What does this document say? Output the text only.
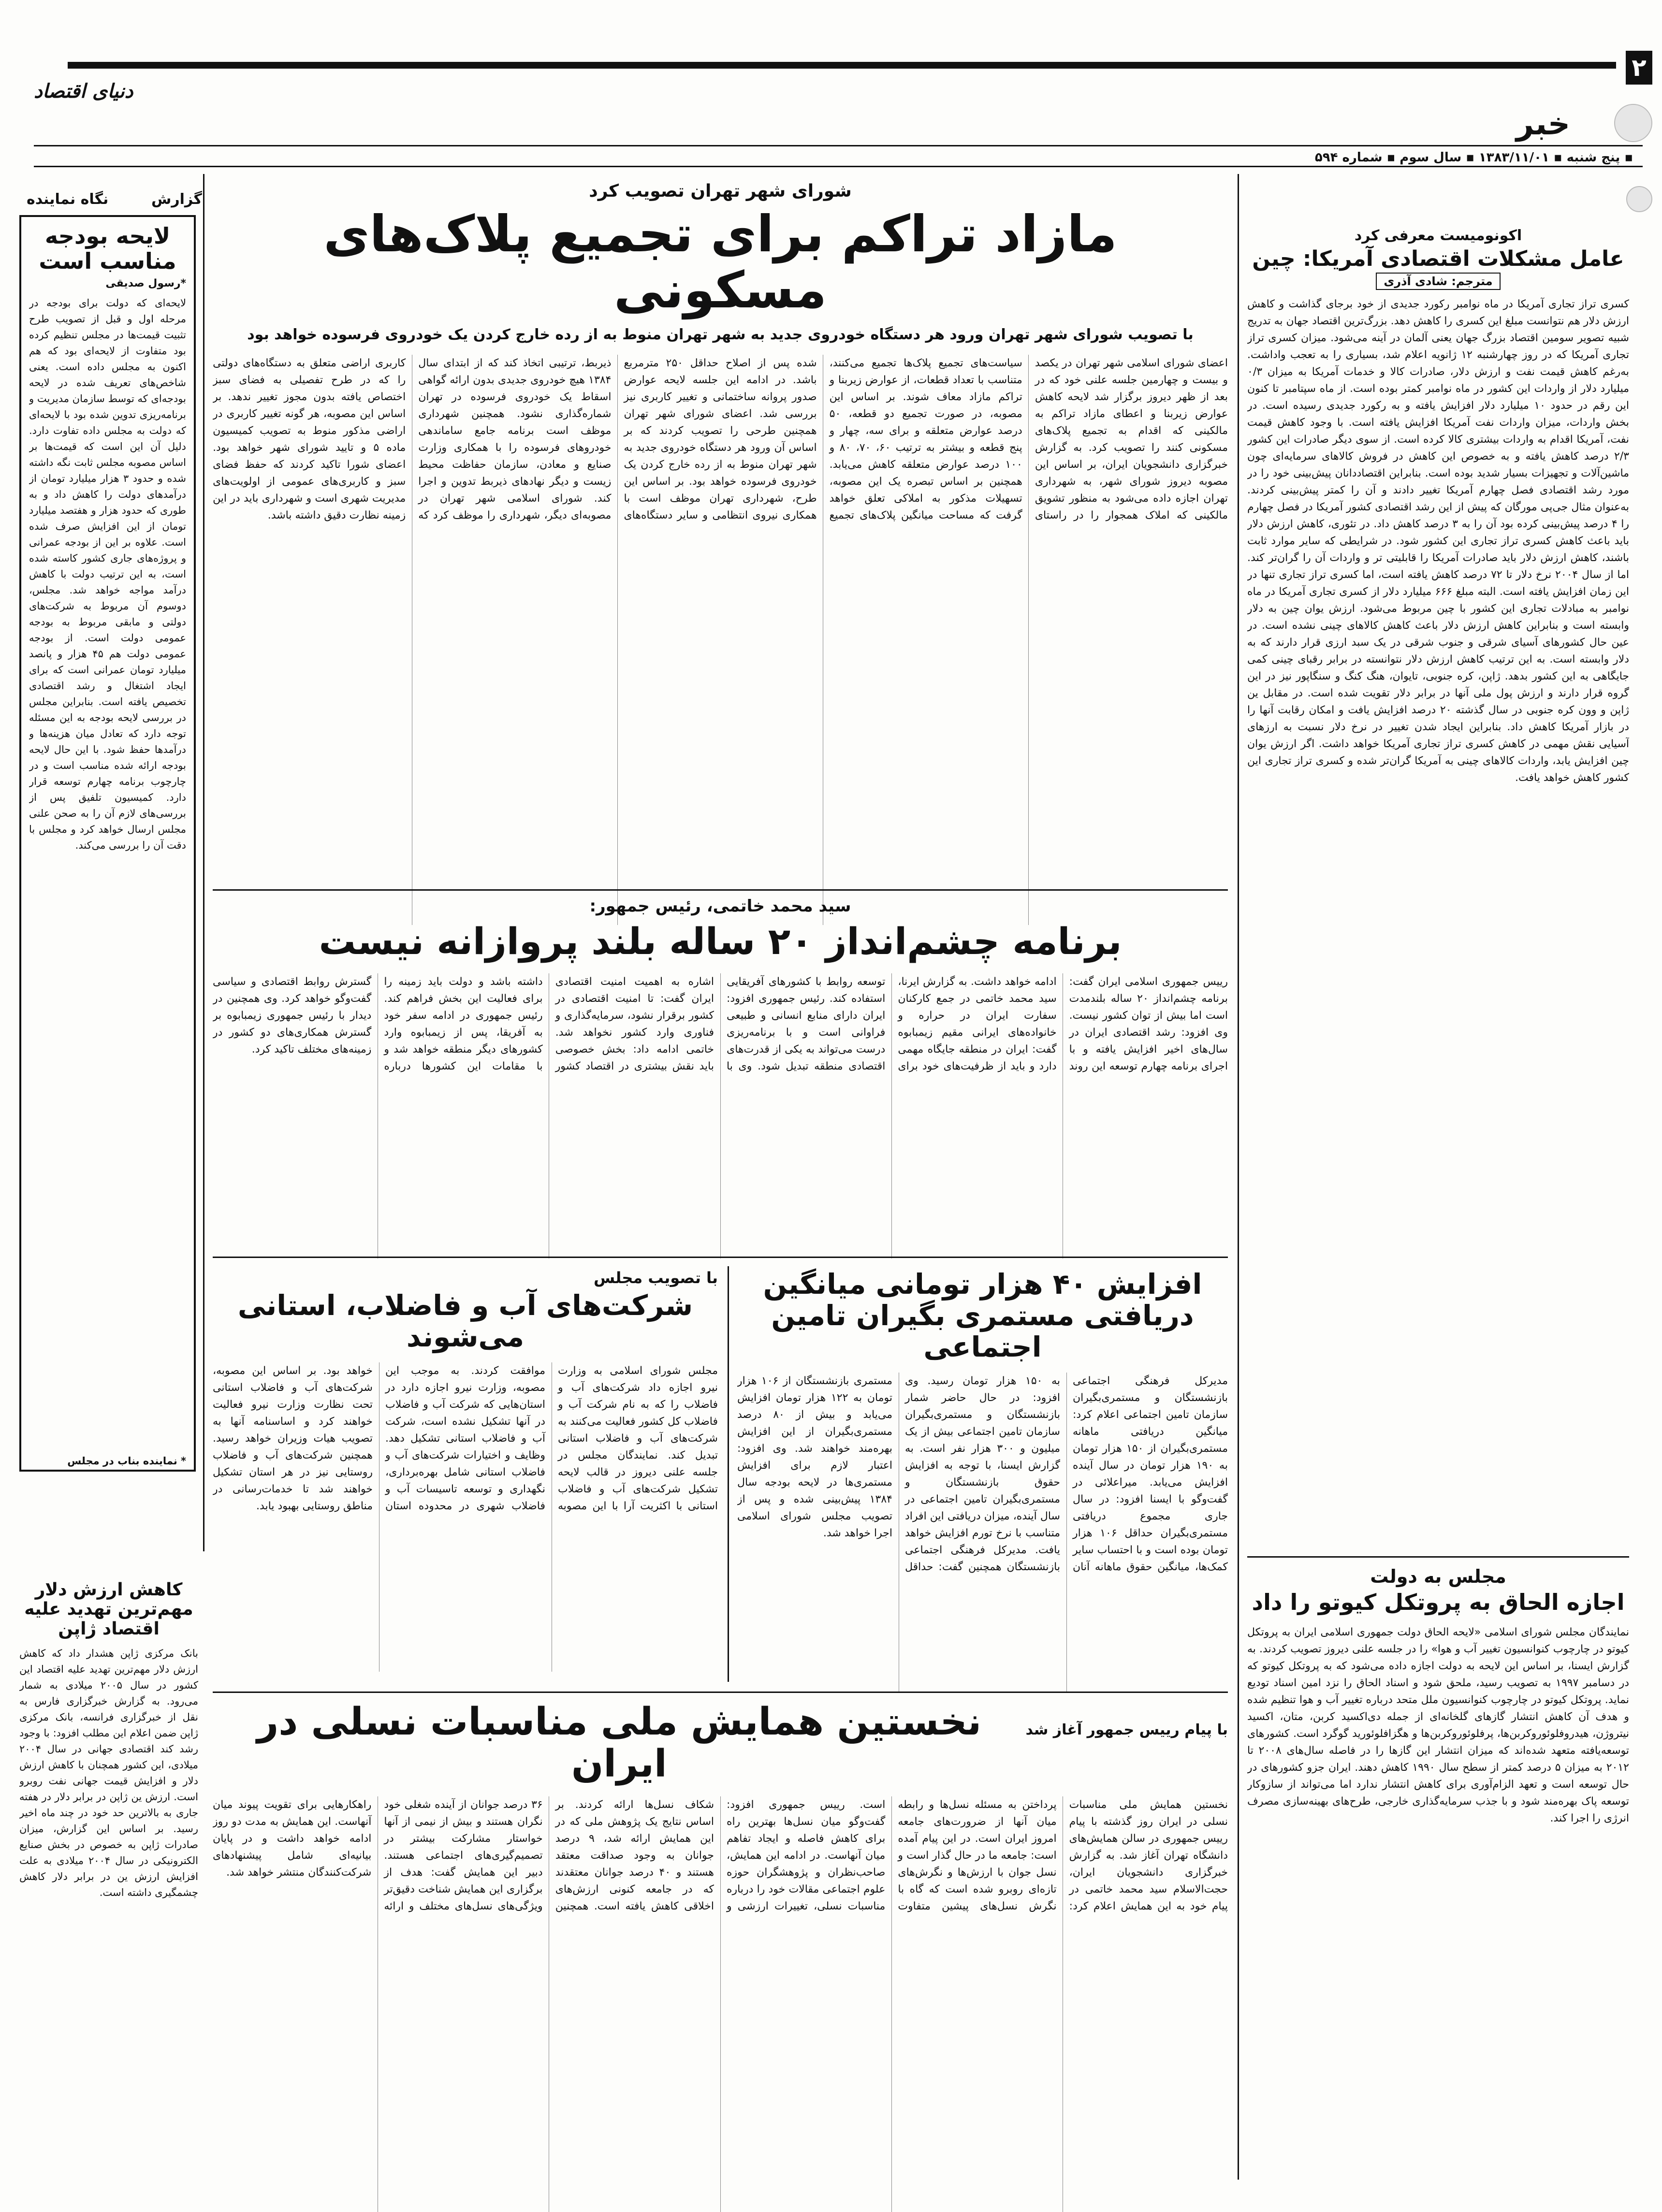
۲
دنیای اقتصاد
خبر
▪ پنج شنبه ▪ ۱۳۸۳/۱۱/۰۱ ▪ سال سوم ▪ شماره ۵۹۴
گزارش
نگاه نماینده
اکونومیست معرفی کرد
عامل مشکلات اقتصادی آمریکا: چین
مترجم: شادی آذری
کسری تراز تجاری آمریکا در ماه نوامبر رکورد جدیدی از خود برجای گذاشت و کاهش ارزش دلار هم نتوانست مبلغ این کسری را کاهش دهد. بزرگ‌ترین اقتصاد جهان به تدریج شبیه تصویر سومین اقتصاد بزرگ جهان یعنی آلمان در آینه می‌شود. میزان کسری تراز تجاری آمریکا که در روز چهارشنبه ۱۲ ژانویه اعلام شد، بسیاری را به تعجب واداشت. به‌رغم کاهش قیمت نفت و ارزش دلار، صادرات کالا و خدمات آمریکا به میزان ۰/۳ میلیارد دلار از واردات این کشور در ماه نوامبر کمتر بوده است. از ماه سپتامبر تا کنون این رقم در حدود ۱۰ میلیارد دلار افزایش یافته و به رکورد جدیدی رسیده است. در بخش واردات، میزان واردات نفت آمریکا افزایش یافته است. با وجود کاهش قیمت نفت، آمریکا اقدام به واردات بیشتری کالا کرده است. از سوی دیگر صادرات این کشور ۲/۳ درصد کاهش یافته و به خصوص این کاهش در فروش کالاهای سرمایه‌ای چون ماشین‌آلات و تجهیزات بسیار شدید بوده است. بنابراین اقتصاددانان پیش‌بینی خود را در مورد رشد اقتصادی فصل چهارم آمریکا تغییر دادند و آن را کمتر پیش‌بینی کردند. به‌عنوان مثال جی‌پی مورگان که پیش از این رشد اقتصادی کشور آمریکا در فصل چهارم را ۴ درصد پیش‌بینی کرده بود آن را به ۳ درصد کاهش داد. در تئوری، کاهش ارزش دلار باید باعث کاهش کسری تراز تجاری این کشور شود. در شرایطی که سایر موارد ثابت باشند، کاهش ارزش دلار باید صادرات آمریکا را قابلیتی تر و واردات آن را گران‌تر کند. اما از سال ۲۰۰۴ نرخ دلار تا ۷۲ درصد کاهش یافته است، اما کسری تراز تجاری تنها در این زمان افزایش یافته است. البته مبلغ ۶۶۶ میلیارد دلار از کسری تجاری آمریکا در ماه نوامبر به مبادلات تجاری این کشور با چین مربوط می‌شود. ارزش یوان چین به دلار وابسته است و بنابراین کاهش ارزش دلار باعث کاهش کالاهای چینی نشده است. در عین حال کشورهای آسیای شرقی و جنوب شرقی در یک سبد ارزی قرار دارند که به دلار وابسته است. به این ترتیب کاهش ارزش دلار نتوانسته در برابر رقبای چینی کمی جایگاهی به این کشور بدهد. ژاپن، کره جنوبی، تایوان، هنگ کنگ و سنگاپور نیز در این گروه قرار دارند و ارزش پول ملی آنها در برابر دلار تقویت شده است. در مقابل ین ژاپن و وون کره جنوبی در سال گذشته ۲۰ درصد افزایش یافت و امکان رقابت آنها را در بازار آمریکا کاهش داد. بنابراین ایجاد شدن تغییر در نرخ دلار نسبت به ارزهای آسیایی نقش مهمی در کاهش کسری تراز تجاری آمریکا خواهد داشت. اگر ارزش یوان چین افزایش یابد، واردات کالاهای چینی به آمریکا گران‌تر شده و کسری تراز تجاری این کشور کاهش خواهد یافت.
مجلس به دولت
اجازه الحاق به پروتکل کیوتو را داد
نمایندگان مجلس شورای اسلامی «لایحه الحاق دولت جمهوری اسلامی ایران به پروتکل کیوتو در چارچوب کنوانسیون تغییر آب و هوا» را در جلسه علنی دیروز تصویب کردند. به گزارش ایسنا، بر اساس این لایحه به دولت اجازه داده می‌شود که به پروتکل کیوتو که در دسامبر ۱۹۹۷ به تصویب رسید، ملحق شود و اسناد الحاق را نزد امین اسناد تودیع نماید. پروتکل کیوتو در چارچوب کنوانسیون ملل متحد درباره تغییر آب و هوا تنظیم شده و هدف آن کاهش انتشار گازهای گلخانه‌ای از جمله دی‌اکسید کربن، متان، اکسید نیتروژن، هیدروفلوئوروکربن‌ها، پرفلوئوروکربن‌ها و هگزافلوئورید گوگرد است. کشورهای توسعه‌یافته متعهد شده‌اند که میزان انتشار این گازها را در فاصله سال‌های ۲۰۰۸ تا ۲۰۱۲ به میزان ۵ درصد کمتر از سطح سال ۱۹۹۰ کاهش دهند. ایران جزو کشورهای در حال توسعه است و تعهد الزام‌آوری برای کاهش انتشار ندارد اما می‌تواند از سازوکار توسعه پاک بهره‌مند شود و با جذب سرمایه‌گذاری خارجی، طرح‌های بهینه‌سازی مصرف انرژی را اجرا کند.
لایحه بودجه مناسب است
*رسول صدیقی
لایحه‌ای که دولت برای بودجه در مرحله اول و قبل از تصویب طرح تثبیت قیمت‌ها در مجلس تنظیم کرده بود متفاوت از لایحه‌ای بود که هم اکنون به مجلس داده است. یعنی شاخص‌های تعریف شده در لایحه بودجه‌ای که توسط سازمان مدیریت و برنامه‌ریزی تدوین شده بود با لایحه‌ای که دولت به مجلس داده تفاوت دارد. دلیل آن این است که قیمت‌ها بر اساس مصوبه مجلس ثابت نگه داشته شده و حدود ۳ هزار میلیارد تومان از درآمدهای دولت را کاهش داد و به طوری که حدود هزار و هفتصد میلیارد تومان از این افزایش صرف شده است. علاوه بر این از بودجه عمرانی و پروژه‌های جاری کشور کاسته شده است، به این ترتیب دولت با کاهش درآمد مواجه خواهد شد. مجلس، دوسوم آن مربوط به شرکت‌های دولتی و مابقی مربوط به بودجه عمومی دولت است. از بودجه عمومی دولت هم ۴۵ هزار و پانصد میلیارد تومان عمرانی است که برای ایجاد اشتغال و رشد اقتصادی تخصیص یافته است. بنابراین مجلس در بررسی لایحه بودجه به این مسئله توجه دارد که تعادل میان هزینه‌ها و درآمدها حفظ شود. با این حال لایحه بودجه ارائه شده مناسب است و در چارچوب برنامه چهارم توسعه قرار دارد. کمیسیون تلفیق پس از بررسی‌های لازم آن را به صحن علنی مجلس ارسال خواهد کرد و مجلس با دقت آن را بررسی می‌کند.
* نماینده بناب در مجلس
کاهش ارزش دلار مهم‌ترین تهدید علیه اقتصاد ژاپن
بانک مرکزی ژاپن هشدار داد که کاهش ارزش دلار مهم‌ترین تهدید علیه اقتصاد این کشور در سال ۲۰۰۵ میلادی به شمار می‌رود. به گزارش خبرگزاری فارس به نقل از خبرگزاری فرانسه، بانک مرکزی ژاپن ضمن اعلام این مطلب افزود: با وجود رشد کند اقتصادی جهانی در سال ۲۰۰۴ میلادی، این کشور همچنان با کاهش ارزش دلار و افزایش قیمت جهانی نفت روبرو است. ارزش ین ژاپن در برابر دلار در هفته جاری به بالاترین حد خود در چند ماه اخیر رسید. بر اساس این گزارش، میزان صادرات ژاپن به خصوص در بخش صنایع الکترونیکی در سال ۲۰۰۴ میلادی به علت افزایش ارزش ین در برابر دلار کاهش چشمگیری داشته است.
شورای شهر تهران تصویب کرد
مازاد تراکم برای تجمیع پلاک‌های مسکونی
با تصویب شورای شهر تهران ورود هر دستگاه خودروی جدید به شهر تهران منوط به از رده خارج کردن یک خودروی فرسوده خواهد بود
اعضای شورای اسلامی شهر تهران در یکصد و بیست و چهارمین جلسه علنی خود که در بعد از ظهر دیروز برگزار شد لایحه کاهش عوارض زیربنا و اعطای مازاد تراکم به مالکینی که اقدام به تجمیع پلاک‌های مسکونی کنند را تصویب کرد. به گزارش خبرگزاری دانشجویان ایران، بر اساس این مصوبه دیروز شورای شهر، به شهرداری تهران اجازه داده می‌شود به منظور تشویق مالکینی که املاک همجوار را در راستای سیاست‌های تجمیع پلاک‌ها تجمیع می‌کنند، متناسب با تعداد قطعات، از عوارض زیربنا و تراکم مازاد معاف شوند. بر اساس این مصوبه، در صورت تجمیع دو قطعه، ۵۰ درصد عوارض متعلقه و برای سه، چهار و پنج قطعه و بیشتر به ترتیب ۶۰، ۷۰، ۸۰ و ۱۰۰ درصد عوارض متعلقه کاهش می‌یابد. همچنین بر اساس تبصره یک این مصوبه، تسهیلات مذکور به املاکی تعلق خواهد گرفت که مساحت میانگین پلاک‌های تجمیع شده پس از اصلاح حداقل ۲۵۰ مترمربع باشد. در ادامه این جلسه لایحه عوارض صدور پروانه ساختمانی و تغییر کاربری نیز بررسی شد. اعضای شورای شهر تهران همچنین طرحی را تصویب کردند که بر اساس آن ورود هر دستگاه خودروی جدید به شهر تهران منوط به از رده خارج کردن یک خودروی فرسوده خواهد بود. بر اساس این طرح، شهرداری تهران موظف است با همکاری نیروی انتظامی و سایر دستگاه‌های ذیربط، ترتیبی اتخاذ کند که از ابتدای سال ۱۳۸۴ هیچ خودروی جدیدی بدون ارائه گواهی اسقاط یک خودروی فرسوده در تهران شماره‌گذاری نشود. همچنین شهرداری موظف است برنامه جامع ساماندهی خودروهای فرسوده را با همکاری وزارت صنایع و معادن، سازمان حفاظت محیط زیست و دیگر نهادهای ذیربط تدوین و اجرا کند. شورای اسلامی شهر تهران در مصوبه‌ای دیگر، شهرداری را موظف کرد که کاربری اراضی متعلق به دستگاه‌های دولتی را که در طرح تفصیلی به فضای سبز اختصاص یافته بدون مجوز تغییر ندهد. بر اساس این مصوبه، هر گونه تغییر کاربری در اراضی مذکور منوط به تصویب کمیسیون ماده ۵ و تایید شورای شهر خواهد بود. اعضای شورا تاکید کردند که حفظ فضای سبز و کاربری‌های عمومی از اولویت‌های مدیریت شهری است و شهرداری باید در این زمینه نظارت دقیق داشته باشد.
سید محمد خاتمی، رئیس جمهور:
برنامه چشم‌انداز ۲۰ ساله بلند پروازانه نیست
رییس جمهوری اسلامی ایران گفت: برنامه چشم‌انداز ۲۰ ساله بلندمدت است اما بیش از توان کشور نیست. وی افزود: رشد اقتصادی ایران در سال‌های اخیر افزایش یافته و با اجرای برنامه چهارم توسعه این روند ادامه خواهد داشت. به گزارش ایرنا، سید محمد خاتمی در جمع کارکنان سفارت ایران در حراره و خانواده‌های ایرانی مقیم زیمبابوه گفت: ایران در منطقه جایگاه مهمی دارد و باید از ظرفیت‌های خود برای توسعه روابط با کشورهای آفریقایی استفاده کند. رئیس جمهوری افزود: ایران دارای منابع انسانی و طبیعی فراوانی است و با برنامه‌ریزی درست می‌تواند به یکی از قدرت‌های اقتصادی منطقه تبدیل شود. وی با اشاره به اهمیت امنیت اقتصادی ایران گفت: تا امنیت اقتصادی در کشور برقرار نشود، سرمایه‌گذاری و فناوری وارد کشور نخواهد شد. خاتمی ادامه داد: بخش خصوصی باید نقش بیشتری در اقتصاد کشور داشته باشد و دولت باید زمینه را برای فعالیت این بخش فراهم کند. رئیس جمهوری در ادامه سفر خود به آفریقا، پس از زیمبابوه وارد کشورهای دیگر منطقه خواهد شد و با مقامات این کشورها درباره گسترش روابط اقتصادی و سیاسی گفت‌وگو خواهد کرد. وی همچنین در دیدار با رئیس جمهوری زیمبابوه بر گسترش همکاری‌های دو کشور در زمینه‌های مختلف تاکید کرد.
افزایش ۴۰ هزار تومانی میانگین دریافتی مستمری بگیران تامین اجتماعی
مدیرکل فرهنگی اجتماعی بازنشستگان و مستمری‌بگیران سازمان تامین اجتماعی اعلام کرد: میانگین دریافتی ماهانه مستمری‌بگیران از ۱۵۰ هزار تومان به ۱۹۰ هزار تومان در سال آینده افزایش می‌یابد. میراعلائی در گفت‌وگو با ایسنا افزود: در سال جاری مجموع دریافتی مستمری‌بگیران حداقل ۱۰۶ هزار تومان بوده است و با احتساب سایر کمک‌ها، میانگین حقوق ماهانه آنان به ۱۵۰ هزار تومان رسید. وی افزود: در حال حاضر شمار بازنشستگان و مستمری‌بگیران سازمان تامین اجتماعی بیش از یک میلیون و ۳۰۰ هزار نفر است. به گزارش ایسنا، با توجه به افزایش حقوق بازنشستگان و مستمری‌بگیران تامین اجتماعی در سال آینده، میزان دریافتی این افراد متناسب با نرخ تورم افزایش خواهد یافت. مدیرکل فرهنگی اجتماعی بازنشستگان همچنین گفت: حداقل مستمری بازنشستگان از ۱۰۶ هزار تومان به ۱۲۲ هزار تومان افزایش می‌یابد و بیش از ۸۰ درصد مستمری‌بگیران از این افزایش بهره‌مند خواهند شد. وی افزود: اعتبار لازم برای افزایش مستمری‌ها در لایحه بودجه سال ۱۳۸۴ پیش‌بینی شده و پس از تصویب مجلس شورای اسلامی اجرا خواهد شد.
با تصویب مجلس
شرکت‌های آب و فاضلاب، استانی می‌شوند
مجلس شورای اسلامی به وزارت نیرو اجازه داد شرکت‌های آب و فاضلاب را که به نام شرکت آب و فاضلاب کل کشور فعالیت می‌کنند به شرکت‌های آب و فاضلاب استانی تبدیل کند. نمایندگان مجلس در جلسه علنی دیروز در قالب لایحه تشکیل شرکت‌های آب و فاضلاب استانی با اکثریت آرا با این مصوبه موافقت کردند. به موجب این مصوبه، وزارت نیرو اجازه دارد در استان‌هایی که شرکت آب و فاضلاب در آنها تشکیل نشده است، شرکت آب و فاضلاب استانی تشکیل دهد. وظایف و اختیارات شرکت‌های آب و فاضلاب استانی شامل بهره‌برداری، نگهداری و توسعه تاسیسات آب و فاضلاب شهری در محدوده استان خواهد بود. بر اساس این مصوبه، شرکت‌های آب و فاضلاب استانی تحت نظارت وزارت نیرو فعالیت خواهند کرد و اساسنامه آنها به تصویب هیات وزیران خواهد رسید. همچنین شرکت‌های آب و فاضلاب روستایی نیز در هر استان تشکیل خواهند شد تا خدمات‌رسانی در مناطق روستایی بهبود یابد.
با پیام رییس جمهور آغاز شد
نخستین همایش ملی مناسبات نسلی در ایران
نخستین همایش ملی مناسبات نسلی در ایران روز گذشته با پیام رییس جمهوری در سالن همایش‌های دانشگاه تهران آغاز شد. به گزارش خبرگزاری دانشجویان ایران، حجت‌الاسلام سید محمد خاتمی در پیام خود به این همایش اعلام کرد: پرداختن به مسئله نسل‌ها و رابطه میان آنها از ضرورت‌های جامعه امروز ایران است. در این پیام آمده است: جامعه ما در حال گذار است و نسل جوان با ارزش‌ها و نگرش‌های تازه‌ای روبرو شده است که گاه با نگرش نسل‌های پیشین متفاوت است. رییس جمهوری افزود: گفت‌وگو میان نسل‌ها بهترین راه برای کاهش فاصله و ایجاد تفاهم میان آنهاست. در ادامه این همایش، صاحب‌نظران و پژوهشگران حوزه علوم اجتماعی مقالات خود را درباره مناسبات نسلی، تغییرات ارزشی و شکاف نسل‌ها ارائه کردند. بر اساس نتایج یک پژوهش ملی که در این همایش ارائه شد، ۹ درصد جوانان به وجود صداقت معتقد هستند و ۴۰ درصد جوانان معتقدند که در جامعه کنونی ارزش‌های اخلاقی کاهش یافته است. همچنین ۳۶ درصد جوانان از آینده شغلی خود نگران هستند و بیش از نیمی از آنها خواستار مشارکت بیشتر در تصمیم‌گیری‌های اجتماعی هستند. دبیر این همایش گفت: هدف از برگزاری این همایش شناخت دقیق‌تر ویژگی‌های نسل‌های مختلف و ارائه راهکارهایی برای تقویت پیوند میان آنهاست. این همایش به مدت دو روز ادامه خواهد داشت و در پایان بیانیه‌ای شامل پیشنهادهای شرکت‌کنندگان منتشر خواهد شد.
